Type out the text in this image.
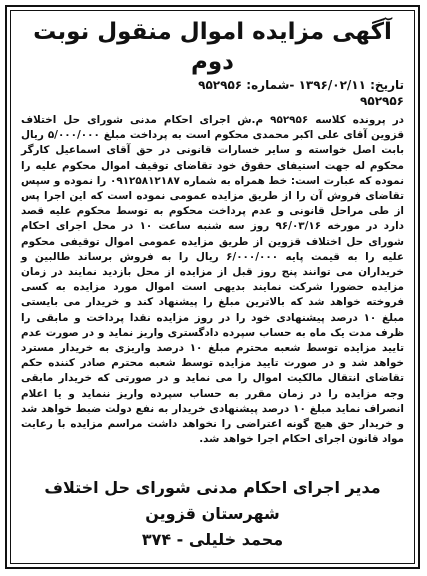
آگهی مزایده اموال منقول نوبت دوم

تاریخ: ۱۳۹۶/۰۲/۱۱ -شماره: ۹۵۲۹۵۶

۹۵۲۹۵۶

در پرونده کلاسه ۹۵۲۹۵۶ م.ش اجرای احکام مدنی شورای حل اختلاف قزوین آقای علی اکبر محمدی محکوم است به پرداخت مبلغ ۵/۰۰۰/۰۰۰ ریال بابت اصل خواسته و سایر خسارات قانونی در حق آقای اسماعیل کارگر محکوم له جهت استیفای حقوق خود تقاضای توقیف اموال محکوم علیه را نموده که عبارت است: خط همراه به شماره ۰۹۱۲۵۸۱۲۱۸۷ را نموده و سپس تقاضای فروش آن را از طریق مزایده عمومی نموده است که این اجرا پس از طی مراحل قانونی و عدم پرداخت محکوم به توسط محکوم علیه قصد دارد در مورخه ۹۶/۰۳/۱۶ روز سه شنبه ساعت ۱۰ در محل اجرای احکام شورای حل اختلاف قزوین از طریق مزایده عمومی اموال توقیفی محکوم علیه را به قیمت پایه ۶/۰۰۰/۰۰۰ ریال را به فروش برساند طالبین و خریداران می توانند پنج روز قبل از مزایده از محل بازدید نمایند در زمان مزایده حضورا شرکت نمایند بدیهی است اموال مورد مزایده به کسی فروخته خواهد شد که بالاترین مبلغ را پیشنهاد کند و خریدار می بایستی مبلغ ۱۰ درصد پیشنهادی خود را در روز مزایده نقدا پرداخت و مابقی را ظرف مدت یک ماه به حساب سپرده دادگستری واریز نماید و در صورت عدم تایید مزایده توسط شعبه محترم مبلغ ۱۰ درصد واریزی به خریدار مسترد خواهد شد و در صورت تایید مزایده توسط شعبه محترم صادر کننده حکم تقاضای انتقال مالکیت اموال را می نماید و در صورتی که خریدار مابقی وجه مزایده را در زمان مقرر به حساب سپرده واریز ننماید و یا اعلام انصراف نماید مبلغ ۱۰ درصد پیشنهادی خریدار به نفع دولت ضبط خواهد شد و خریدار حق هیچ گونه اعتراضی را نخواهد داشت مراسم مزایده با رعایت مواد قانون اجرای احکام اجرا خواهد شد.

مدیر اجرای احکام مدنی شورای حل اختلاف شهرستان قزوین
محمد خلیلی - ۳۷۴
